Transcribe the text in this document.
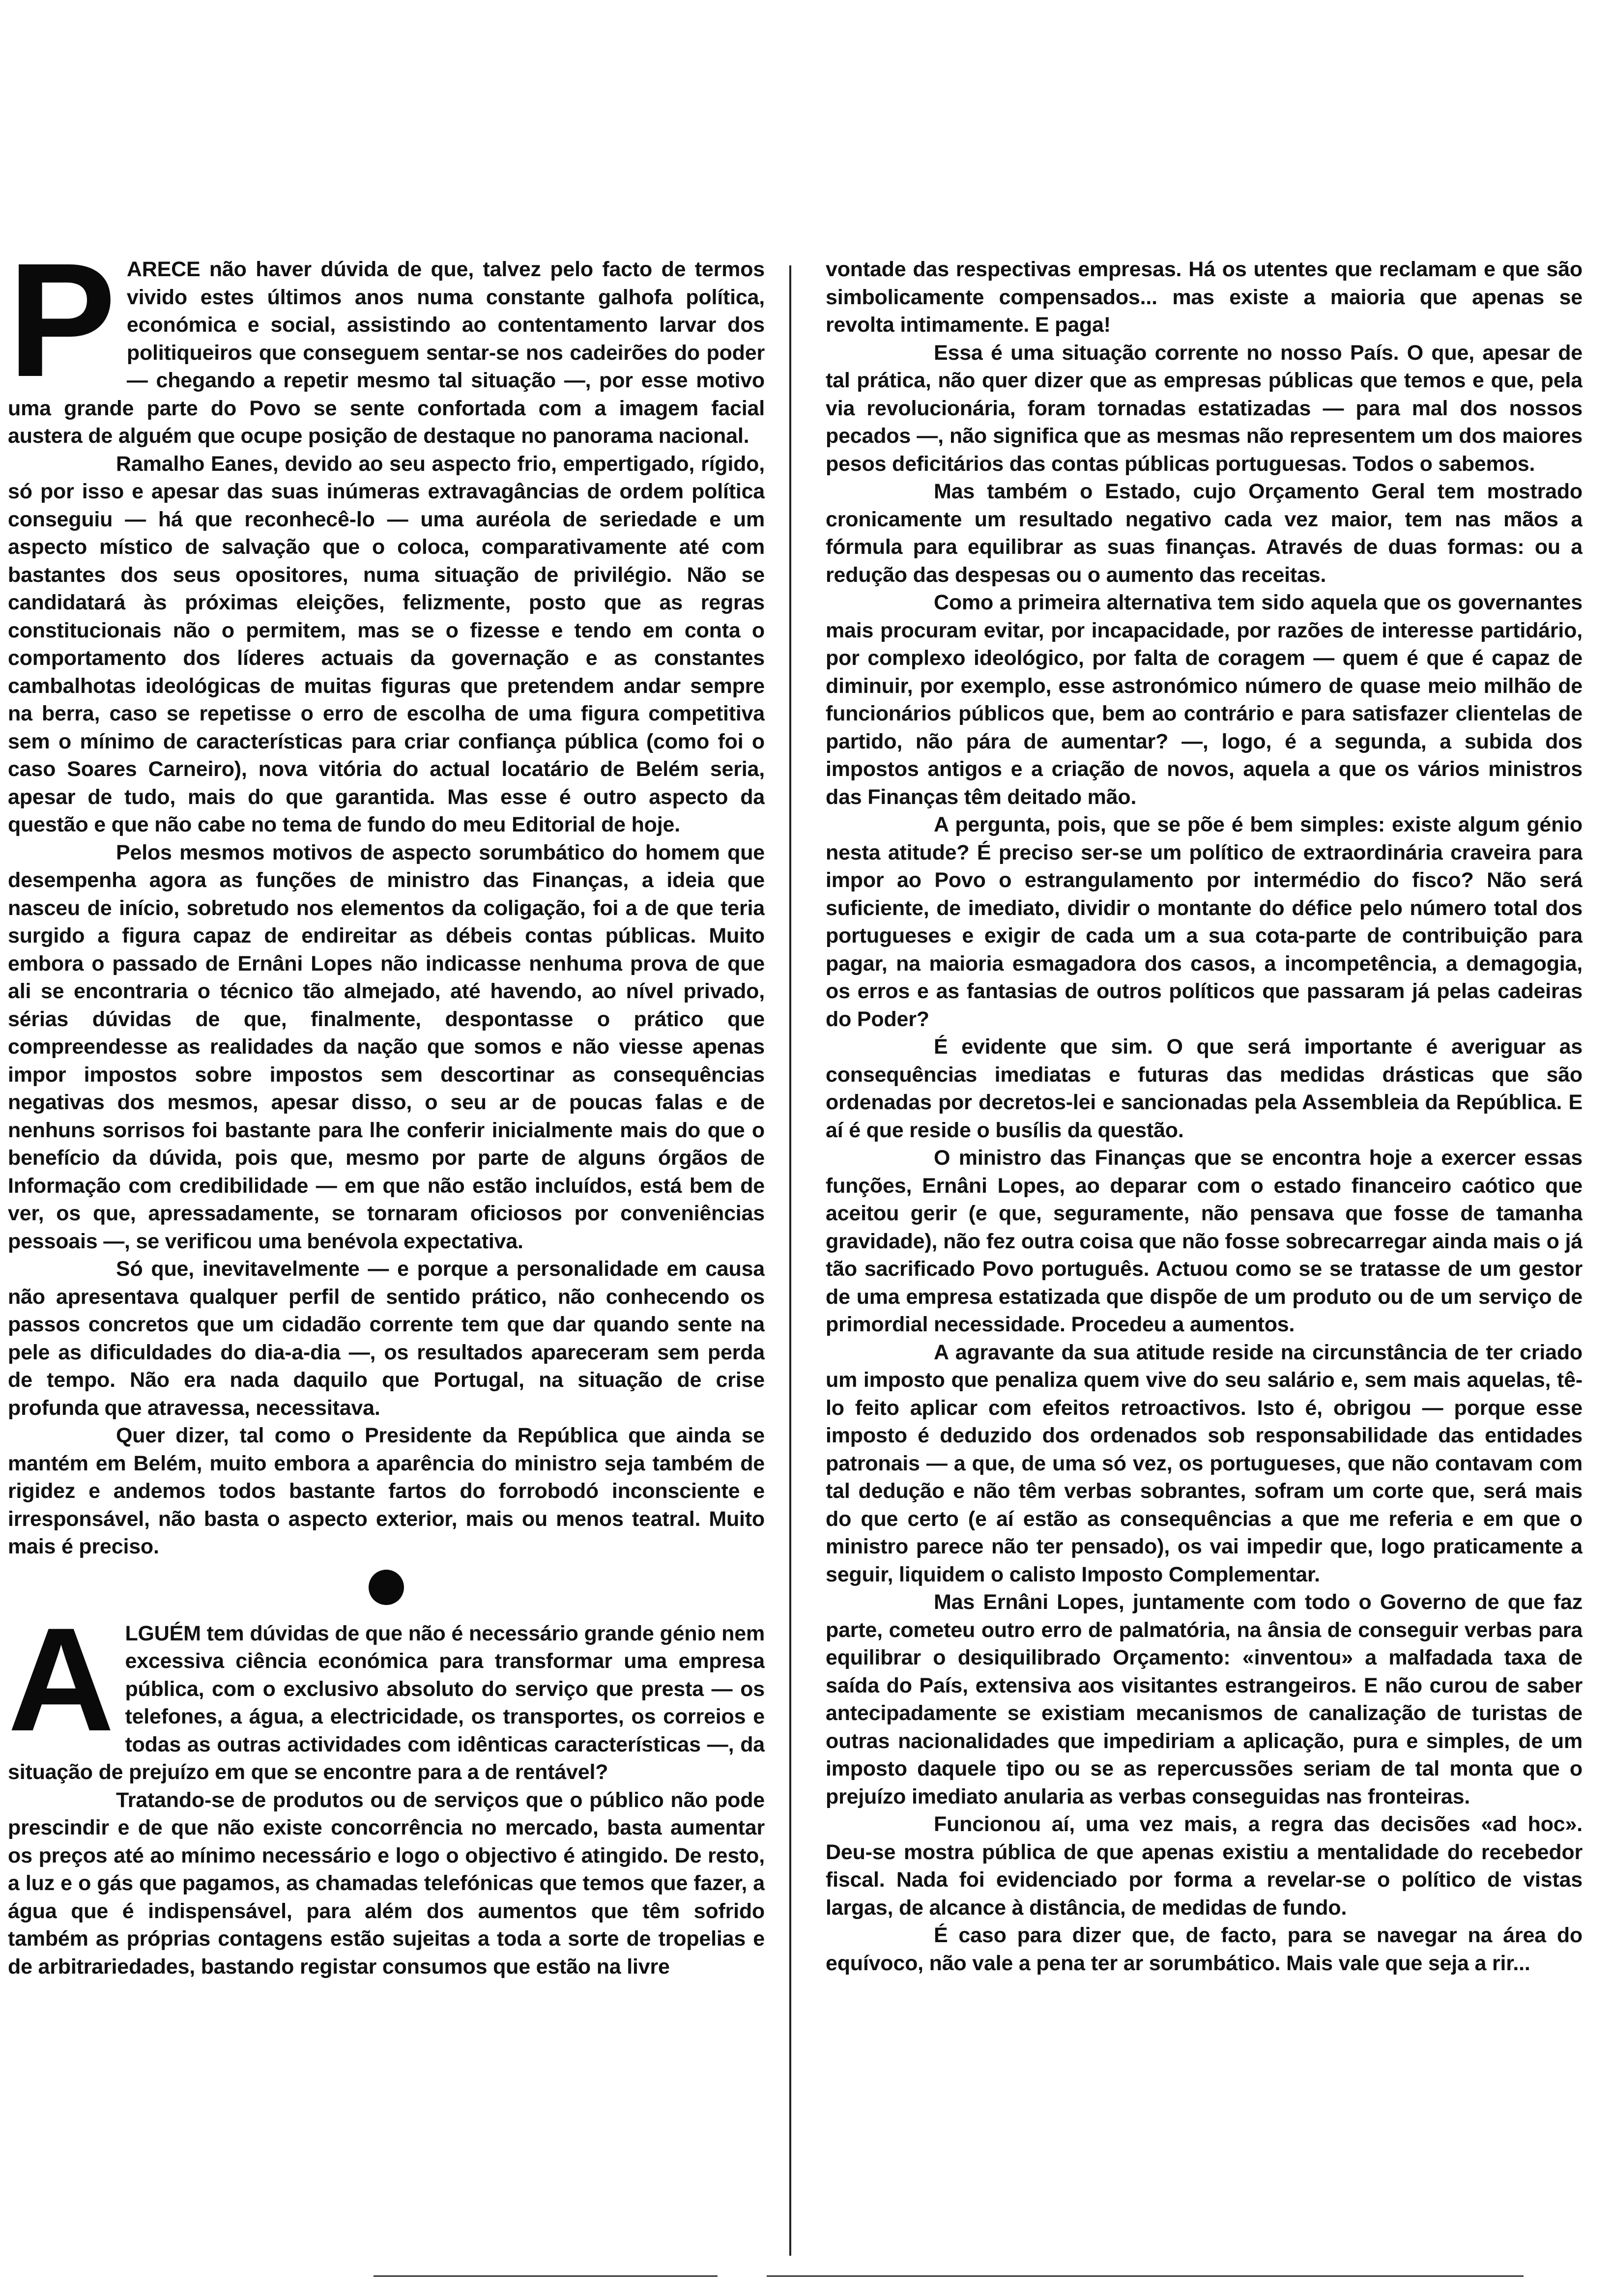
PARECE não haver dúvida de que, talvez pelo facto de termos vivido estes últimos anos numa constante galhofa política, económica e social, assistindo ao contentamento larvar dos politiqueiros que conseguem sentar-se nos cadeirões do poder — chegando a repetir mesmo tal situação —, por esse motivo uma grande parte do Povo se sente confortada com a imagem facial austera de alguém que ocupe posição de destaque no panorama nacional.

Ramalho Eanes, devido ao seu aspecto frio, empertigado, rígido, só por isso e apesar das suas inúmeras extravagâncias de ordem política conseguiu — há que reconhecê-lo — uma auréola de seriedade e um aspecto místico de salvação que o coloca, comparativamente até com bastantes dos seus opositores, numa situação de privilégio. Não se candidatará às próximas eleições, felizmente, posto que as regras constitucionais não o permitem, mas se o fizesse e tendo em conta o comportamento dos líderes actuais da governação e as constantes cambalhotas ideológicas de muitas figuras que pretendem andar sempre na berra, caso se repetisse o erro de escolha de uma figura competitiva sem o mínimo de características para criar confiança pública (como foi o caso Soares Carneiro), nova vitória do actual locatário de Belém seria, apesar de tudo, mais do que garantida. Mas esse é outro aspecto da questão e que não cabe no tema de fundo do meu Editorial de hoje.

Pelos mesmos motivos de aspecto sorumbático do homem que desempenha agora as funções de ministro das Finanças, a ideia que nasceu de início, sobretudo nos elementos da coligação, foi a de que teria surgido a figura capaz de endireitar as débeis contas públicas. Muito embora o passado de Ernâni Lopes não indicasse nenhuma prova de que ali se encontraria o técnico tão almejado, até havendo, ao nível privado, sérias dúvidas de que, finalmente, despontasse o prático que compreendesse as realidades da nação que somos e não viesse apenas impor impostos sobre impostos sem descortinar as consequências negativas dos mesmos, apesar disso, o seu ar de poucas falas e de nenhuns sorrisos foi bastante para lhe conferir inicialmente mais do que o benefício da dúvida, pois que, mesmo por parte de alguns órgãos de Informação com credibilidade — em que não estão incluídos, está bem de ver, os que, apressadamente, se tornaram oficiosos por conveniências pessoais —, se verificou uma benévola expectativa.

Só que, inevitavelmente — e porque a personalidade em causa não apresentava qualquer perfil de sentido prático, não conhecendo os passos concretos que um cidadão corrente tem que dar quando sente na pele as dificuldades do dia-a-dia —, os resultados apareceram sem perda de tempo. Não era nada daquilo que Portugal, na situação de crise profunda que atravessa, necessitava.

Quer dizer, tal como o Presidente da República que ainda se mantém em Belém, muito embora a aparência do ministro seja também de rigidez e andemos todos bastante fartos do forrobodó inconsciente e irresponsável, não basta o aspecto exterior, mais ou menos teatral. Muito mais é preciso.

ALGUÉM tem dúvidas de que não é necessário grande génio nem excessiva ciência económica para transformar uma empresa pública, com o exclusivo absoluto do serviço que presta — os telefones, a água, a electricidade, os transportes, os correios e todas as outras actividades com idênticas características —, da situação de prejuízo em que se encontre para a de rentável?

Tratando-se de produtos ou de serviços que o público não pode prescindir e de que não existe concorrência no mercado, basta aumentar os preços até ao mínimo necessário e logo o objectivo é atingido. De resto, a luz e o gás que pagamos, as chamadas telefónicas que temos que fazer, a água que é indispensável, para além dos aumentos que têm sofrido também as próprias contagens estão sujeitas a toda a sorte de tropelias e de arbitrariedades, bastando registar consumos que estão na livre

vontade das respectivas empresas. Há os utentes que reclamam e que são simbolicamente compensados... mas existe a maioria que apenas se revolta intimamente. E paga!

Essa é uma situação corrente no nosso País. O que, apesar de tal prática, não quer dizer que as empresas públicas que temos e que, pela via revolucionária, foram tornadas estatizadas — para mal dos nossos pecados —, não significa que as mesmas não representem um dos maiores pesos deficitários das contas públicas portuguesas. Todos o sabemos.

Mas também o Estado, cujo Orçamento Geral tem mostrado cronicamente um resultado negativo cada vez maior, tem nas mãos a fórmula para equilibrar as suas finanças. Através de duas formas: ou a redução das despesas ou o aumento das receitas.

Como a primeira alternativa tem sido aquela que os governantes mais procuram evitar, por incapacidade, por razões de interesse partidário, por complexo ideológico, por falta de coragem — quem é que é capaz de diminuir, por exemplo, esse astronómico número de quase meio milhão de funcionários públicos que, bem ao contrário e para satisfazer clientelas de partido, não pára de aumentar? —, logo, é a segunda, a subida dos impostos antigos e a criação de novos, aquela a que os vários ministros das Finanças têm deitado mão.

A pergunta, pois, que se põe é bem simples: existe algum génio nesta atitude? É preciso ser-se um político de extraordinária craveira para impor ao Povo o estrangulamento por intermédio do fisco? Não será suficiente, de imediato, dividir o montante do défice pelo número total dos portugueses e exigir de cada um a sua cota-parte de contribuição para pagar, na maioria esmagadora dos casos, a incompetência, a demagogia, os erros e as fantasias de outros políticos que passaram já pelas cadeiras do Poder?

É evidente que sim. O que será importante é averiguar as consequências imediatas e futuras das medidas drásticas que são ordenadas por decretos-lei e sancionadas pela Assembleia da República. E aí é que reside o busílis da questão.

O ministro das Finanças que se encontra hoje a exercer essas funções, Ernâni Lopes, ao deparar com o estado financeiro caótico que aceitou gerir (e que, seguramente, não pensava que fosse de tamanha gravidade), não fez outra coisa que não fosse sobrecarregar ainda mais o já tão sacrificado Povo português. Actuou como se se tratasse de um gestor de uma empresa estatizada que dispõe de um produto ou de um serviço de primordial necessidade. Procedeu a aumentos.

A agravante da sua atitude reside na circunstância de ter criado um imposto que penaliza quem vive do seu salário e, sem mais aquelas, tê-lo feito aplicar com efeitos retroactivos. Isto é, obrigou — porque esse imposto é deduzido dos ordenados sob responsabilidade das entidades patronais — a que, de uma só vez, os portugueses, que não contavam com tal dedução e não têm verbas sobrantes, sofram um corte que, será mais do que certo (e aí estão as consequências a que me referia e em que o ministro parece não ter pensado), os vai impedir que, logo praticamente a seguir, liquidem o calisto Imposto Complementar.

Mas Ernâni Lopes, juntamente com todo o Governo de que faz parte, cometeu outro erro de palmatória, na ânsia de conseguir verbas para equilibrar o desiquilibrado Orçamento: «inventou» a malfadada taxa de saída do País, extensiva aos visitantes estrangeiros. E não curou de saber antecipadamente se existiam mecanismos de canalização de turistas de outras nacionalidades que impediriam a aplicação, pura e simples, de um imposto daquele tipo ou se as repercussões seriam de tal monta que o prejuízo imediato anularia as verbas conseguidas nas fronteiras.

Funcionou aí, uma vez mais, a regra das decisões «ad hoc». Deu-se mostra pública de que apenas existiu a mentalidade do recebedor fiscal. Nada foi evidenciado por forma a revelar-se o político de vistas largas, de alcance à distância, de medidas de fundo.

É caso para dizer que, de facto, para se navegar na área do equívoco, não vale a pena ter ar sorumbático. Mais vale que seja a rir...
